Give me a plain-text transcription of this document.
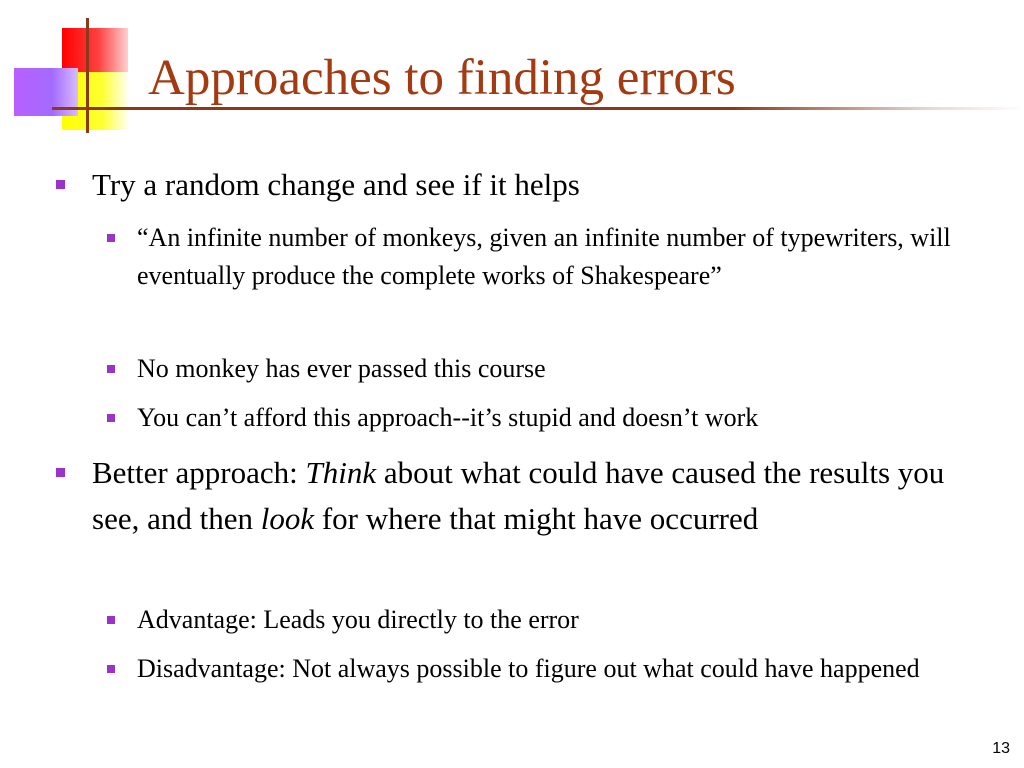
Approaches to finding errors
Try a random change and see if it helps
“An infinite number of monkeys, given an infinite number of typewriters, will eventually produce the complete works of Shakespeare”
No monkey has ever passed this course
You can’t afford this approach--it’s stupid and doesn’t work
Better approach: Think about what could have caused the results you see, and then look for where that might have occurred
Advantage: Leads you directly to the error
Disadvantage: Not always possible to figure out what could have happened
13
